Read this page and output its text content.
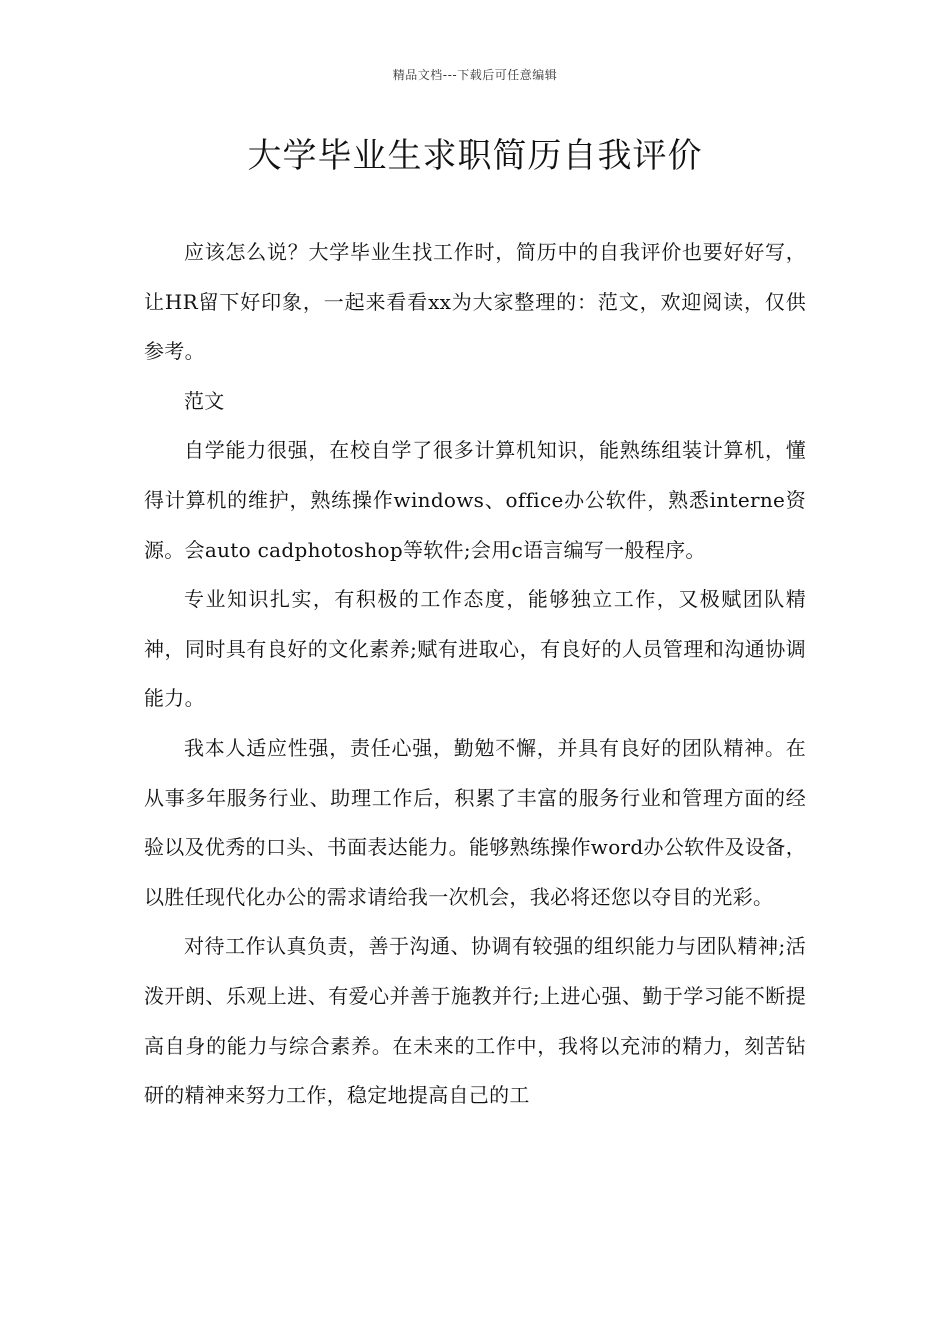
精品文档---下载后可任意编辑
大学毕业生求职简历自我评价

应该怎么说？大学毕业生找工作时，简历中的自我评价也要好好写，让HR留下好印象，一起来看看xx为大家整理的：范文，欢迎阅读，仅供参考。

范文

自学能力很强，在校自学了很多计算机知识，能熟练组装计算机，懂得计算机的维护，熟练操作windows、office办公软件，熟悉interne资源。会auto cadphotoshop等软件;会用c语言编写一般程序。

专业知识扎实，有积极的工作态度，能够独立工作，又极赋团队精神，同时具有良好的文化素养;赋有进取心，有良好的人员管理和沟通协调能力。

我本人适应性强，责任心强，勤勉不懈，并具有良好的团队精神。在从事多年服务行业、助理工作后，积累了丰富的服务行业和管理方面的经验以及优秀的口头、书面表达能力。能够熟练操作word办公软件及设备，以胜任现代化办公的需求请给我一次机会，我必将还您以夺目的光彩。

对待工作认真负责，善于沟通、协调有较强的组织能力与团队精神;活泼开朗、乐观上进、有爱心并善于施教并行;上进心强、勤于学习能不断提高自身的能力与综合素养。在未来的工作中，我将以充沛的精力，刻苦钻研的精神来努力工作，稳定地提高自己的工
